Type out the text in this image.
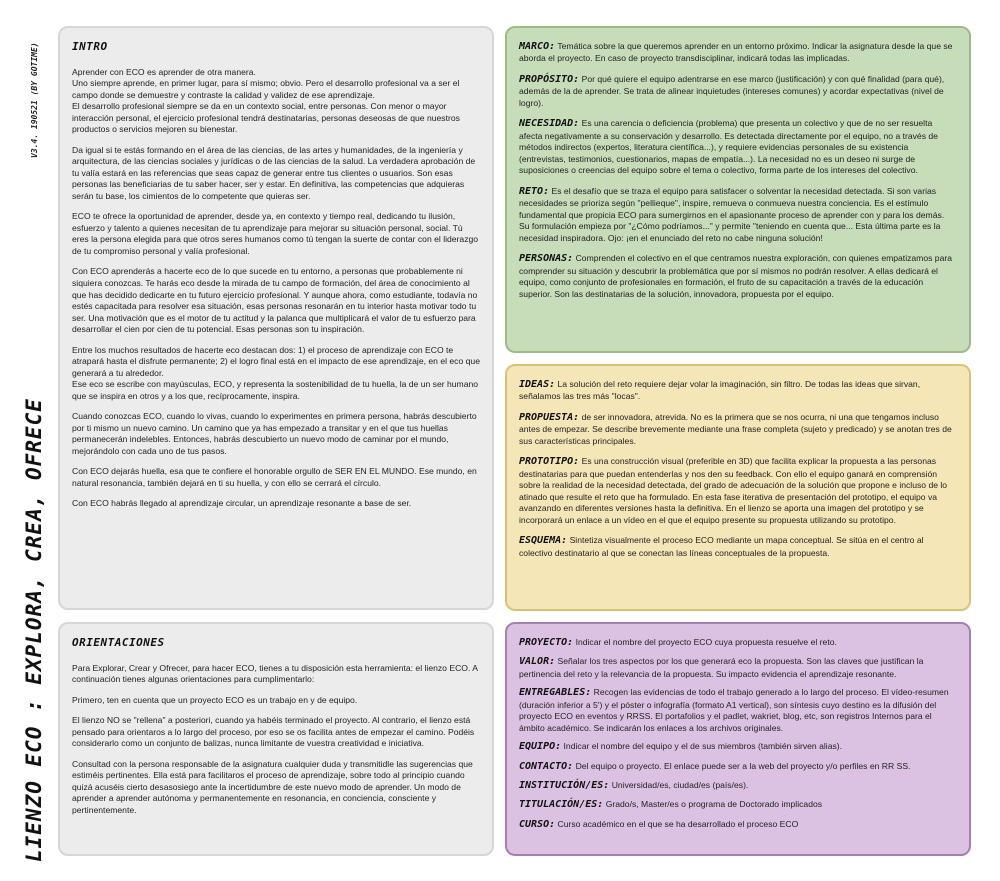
LIENZO ECO : EXPLORA, CREA, OFRECE
V3.4. 190521 (BY GOTIME)	INTRO
Aprender con ECO es aprender de otra manera.
Uno siempre aprende, en primer lugar, para sí mismo; obvio. Pero el desarrollo profesional va a ser el campo donde se demuestre y contraste la calidad y validez de ese aprendizaje.
El desarrollo profesional siempre se da en un contexto social, entre personas. Con menor o mayor interacción personal, el ejercicio profesional tendrá destinatarias, personas deseosas de que nuestros productos o servicios mejoren su bienestar.
Da igual si te estás formando en el área de las ciencias, de las artes y humanidades, de la ingeniería y arquitectura, de las ciencias sociales y jurídicas o de las ciencias de la salud. La verdadera aprobación de tu valía estará en las referencias que seas capaz de generar entre tus clientes o usuarios. Son esas personas las beneficiarias de tu saber hacer, ser y estar. En definitiva, las competencias que adquieras serán tu base, los cimientos de lo competente que quieras ser.
ECO te ofrece la oportunidad de aprender, desde ya, en contexto y tiempo real, dedicando tu ilusión, esfuerzo y talento a quienes necesitan de tu aprendizaje para mejorar su situación personal, social. Tú eres la persona elegida para que otros seres humanos como tú tengan la suerte de contar con el liderazgo de tu compromiso personal y valía profesional.
Con ECO aprenderás a hacerte eco de lo que sucede en tu entorno, a personas que probablemente ni siquiera conozcas. Te harás eco desde la mirada de tu campo de formación, del área de conocimiento al que has decidido dedicarte en tu futuro ejercicio profesional. Y aunque ahora, como estudiante, todavía no estés capacitada para resolver esa situación, esas personas resonarán en tu interior hasta motivar todo tu ser. Una motivación que es el motor de tu actitud y la palanca que multiplicará el valor de tu esfuerzo para desarrollar el cien por cien de tu potencial. Esas personas son tu inspiración.
Entre los muchos resultados de hacerte eco destacan dos: 1) el proceso de aprendizaje con ECO te atrapará hasta el disfrute permanente; 2) el logro final está en el impacto de ese aprendizaje, en el eco que generará a tu alrededor.
Ese eco se escribe con mayúsculas, ECO, y representa la sostenibilidad de tu huella, la de un ser humano que se inspira en otros y a los que, recíprocamente, inspira.
Cuando conozcas ECO, cuando lo vivas, cuando lo experimentes en primera persona, habrás descubierto por ti mismo un nuevo camino. Un camino que ya has empezado a transitar y en el que tus huellas permanecerán indelebles. Entonces, habrás descubierto un nuevo modo de caminar por el mundo, mejorándolo con cada uno de tus pasos.
Con ECO dejarás huella, esa que te confiere el honorable orgullo de SER EN EL MUNDO. Ese mundo, en natural resonancia, también dejará en ti su huella, y con ello se cerrará el círculo.
Con ECO habrás llegado al aprendizaje circular, un aprendizaje resonante a base de ser.
ORIENTACIONES
Para Explorar, Crear y Ofrecer, para hacer ECO, tienes a tu disposición esta herramienta: el lienzo ECO. A continuación tienes algunas orientaciones para cumplimentarlo:
Primero, ten en cuenta que un proyecto ECO es un trabajo en y de equipo.
El lienzo NO se "rellena" a posteriori, cuando ya habéis terminado el proyecto. Al contrario, el lienzo está pensado para orientaros a lo largo del proceso, por eso se os facilita antes de empezar el camino. Podéis considerarlo como un conjunto de balizas, nunca limitante de vuestra creatividad e iniciativa.
Consultad con la persona responsable de la asignatura cualquier duda y transmitidle las sugerencias que estiméis pertinentes. Ella está para facilitaros el proceso de aprendizaje, sobre todo al principio cuando quizá acuséis cierto desasosiego ante la incertidumbre de este nuevo modo de aprender. Un modo de aprender a aprender autónoma y permanentemente en resonancia, en conciencia, consciente y pertinentemente.
MARCO: Temática sobre la que queremos aprender en un entorno próximo. Indicar la asignatura desde la que se aborda el proyecto. En caso de proyecto transdisciplinar, indicará todas las implicadas.
PROPÓSITO: Por qué quiere el equipo adentrarse en ese marco (justificación) y con qué finalidad (para qué), además de la de aprender. Se trata de alinear inquietudes (intereses comunes) y acordar expectativas (nivel de logro).
NECESIDAD: Es una carencia o deficiencia (problema) que presenta un colectivo y que de no ser resuelta afecta negativamente a su conservación y desarrollo. Es detectada directamente por el equipo, no a través de métodos indirectos (expertos, literatura científica...), y requiere evidencias personales de su existencia (entrevistas, testimonios, cuestionarios, mapas de empatía...). La necesidad no es un deseo ni surge de suposiciones o creencias del equipo sobre el tema o colectivo, forma parte de los intereses del colectivo.
RETO: Es el desafío que se traza el equipo para satisfacer o solventar la necesidad detectada. Si son varias necesidades se prioriza según "pellieque", inspire, remueva o conmueva nuestra conciencia. Es el estímulo fundamental que propicia ECO para sumergirnos en el apasionante proceso de aprender con y para los demás. Su formulación empieza por "¿Cómo podríamos..." y permite "teniendo en cuenta que... Esta última parte es la necesidad inspiradora. Ojo: ¡en el enunciado del reto no cabe ninguna solución!
PERSONAS: Comprenden el colectivo en el que centramos nuestra exploración, con quienes empatizamos para comprender su situación y descubrir la problemática que por sí mismos no podrán resolver. A ellas dedicará el equipo, como conjunto de profesionales en formación, el fruto de su capacitación a través de la educación superior. Son las destinatarias de la solución, innovadora, propuesta por el equipo.
IDEAS: La solución del reto requiere dejar volar la imaginación, sin filtro. De todas las ideas que sirvan, señalamos las tres más "locas".
PROPUESTA: de ser innovadora, atrevida. No es la primera que se nos ocurra, ni una que tengamos incluso antes de empezar. Se describe brevemente mediante una frase completa (sujeto y predicado) y se anotan tres de sus características principales.
PROTOTIPO: Es una construcción visual (preferible en 3D) que facilita explicar la propuesta a las personas destinatarias para que puedan entenderlas y nos den su feedback. Con ello el equipo ganará en comprensión sobre la realidad de la necesidad detectada, del grado de adecuación de la solución que propone e incluso de lo atinado que resulte el reto que ha formulado. En esta fase iterativa de presentación del prototipo, el equipo va avanzando en diferentes versiones hasta la definitiva. En el lienzo se aporta una imagen del prototipo y se incorporará un enlace a un vídeo en el que el equipo presente su propuesta utilizando su prototipo.
ESQUEMA: Sintetiza visualmente el proceso ECO mediante un mapa conceptual. Se sitúa en el centro al colectivo destinatario al que se conectan las líneas conceptuales de la propuesta.
PROYECTO: Indicar el nombre del proyecto ECO cuya propuesta resuelve el reto.
VALOR: Señalar los tres aspectos por los que generará eco la propuesta. Son las claves que justifican la pertinencia del reto y la relevancia de la propuesta. Su impacto evidencia el aprendizaje resonante.
ENTREGABLES: Recogen las evidencias de todo el trabajo generado a lo largo del proceso. El vídeo-resumen (duración inferior a 5') y el póster o infografía (formato A1 vertical), son síntesis cuyo destino es la difusión del proyecto ECO en eventos y RRSS. El portafolios y el padlet, wakriet, blog, etc, son registros Internos para el ámbito académico. Se indicarán los enlaces a los archivos originales.
EQUIPO: Indicar el nombre del equipo y el de sus miembros (también sirven alias).
CONTACTO: Del equipo o proyecto. El enlace puede ser a la web del proyecto y/o perfiles en RR SS.
INSTITUCIÓN/ES: Universidad/es, ciudad/es (país/es).
TITULACIÓN/ES: Grado/s, Master/es o programa de Doctorado implicados
CURSO: Curso académico en el que se ha desarrollado el proceso ECO
